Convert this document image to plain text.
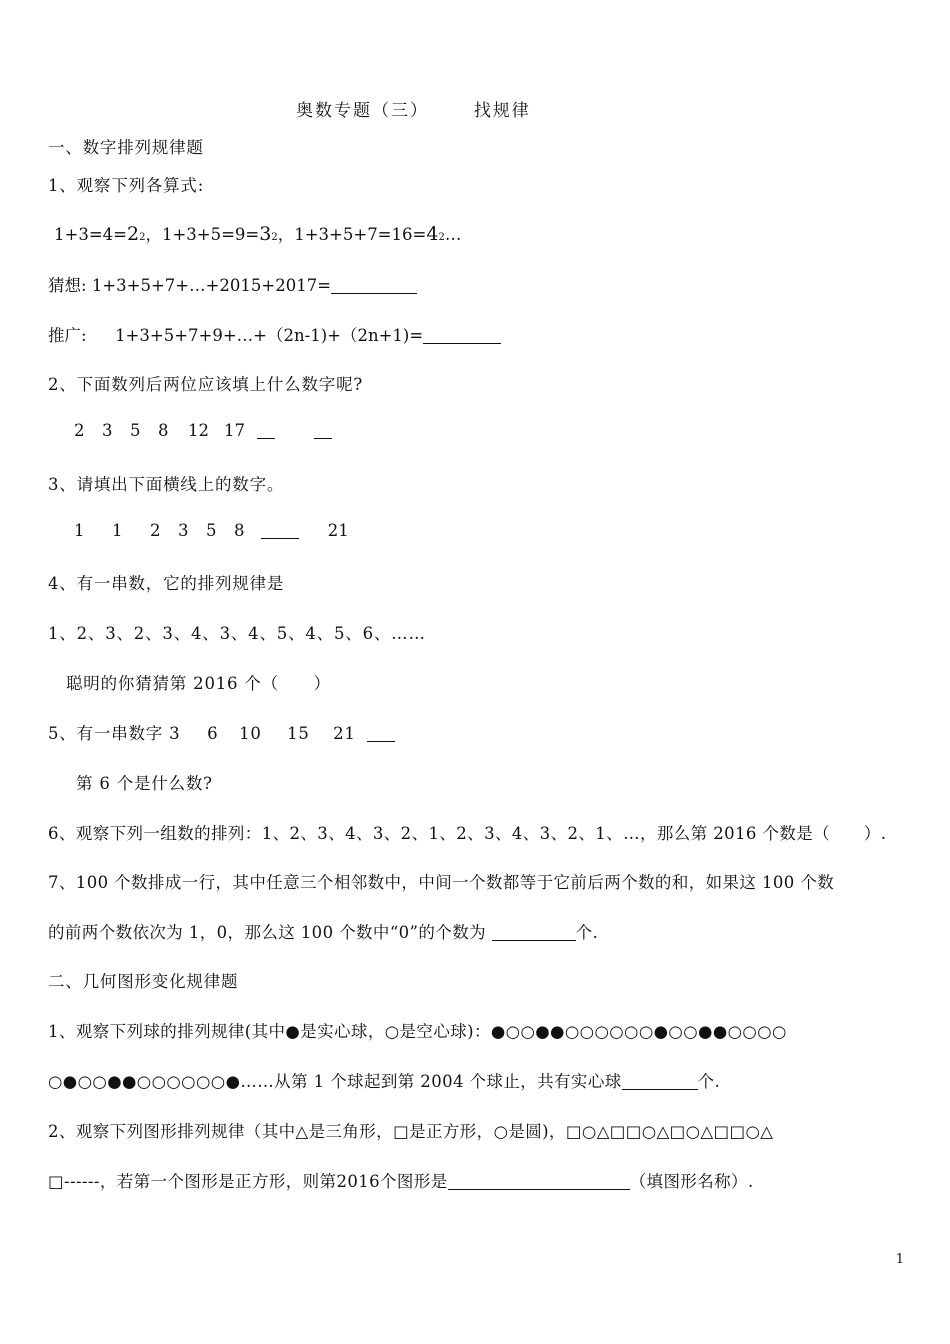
奥数专题（三）	找规律
一、数字排列规律题
1、观察下列各算式:
1+3=4=22，1+3+5=9=32，1+3+5+7=16=42…
猜想: 1+3+5+7+…+2015+2017=
推广: 1+3+5+7+9+…+（2n-1)+（2n+1)=
2、下面数列后两位应该填上什么数字呢?
2 3 5 8 12 17
3、请填出下面横线上的数字。
1 1 2 3 5 8	21
4、有一串数，它的排列规律是
1、2、3、2、3、4、3、4、5、4、5、6、……
聪明的你猜猜第 2016 个（　　）
5、有一串数字 3 6 10 15 21
第 6 个是什么数?
6、观察下列一组数的排列：1、2、3、4、3、2、1、2、3、4、3、2、1、…，那么第 2016 个数是（　　）.
7、100 个数排成一行，其中任意三个相邻数中，中间一个数都等于它前后两个数的和，如果这 100 个数
的前两个数依次为 1，0，那么这 100 个数中“0”的个数为	个.
二、几何图形变化规律题
1、观察下列球的排列规律(其中●是实心球，○是空心球)：●○○●●○○○○○○●○○●●○○○○
○●○○●●○○○○○○●……从第 1 个球起到第 2004 个球止，共有实心球	个.
2、观察下列图形排列规律（其中△是三角形，□是正方形，○是圆)，□○△□□○△□○△□□○△
□------，若第一个图形是正方形，则第2016个图形是	（填图形名称）.
1
